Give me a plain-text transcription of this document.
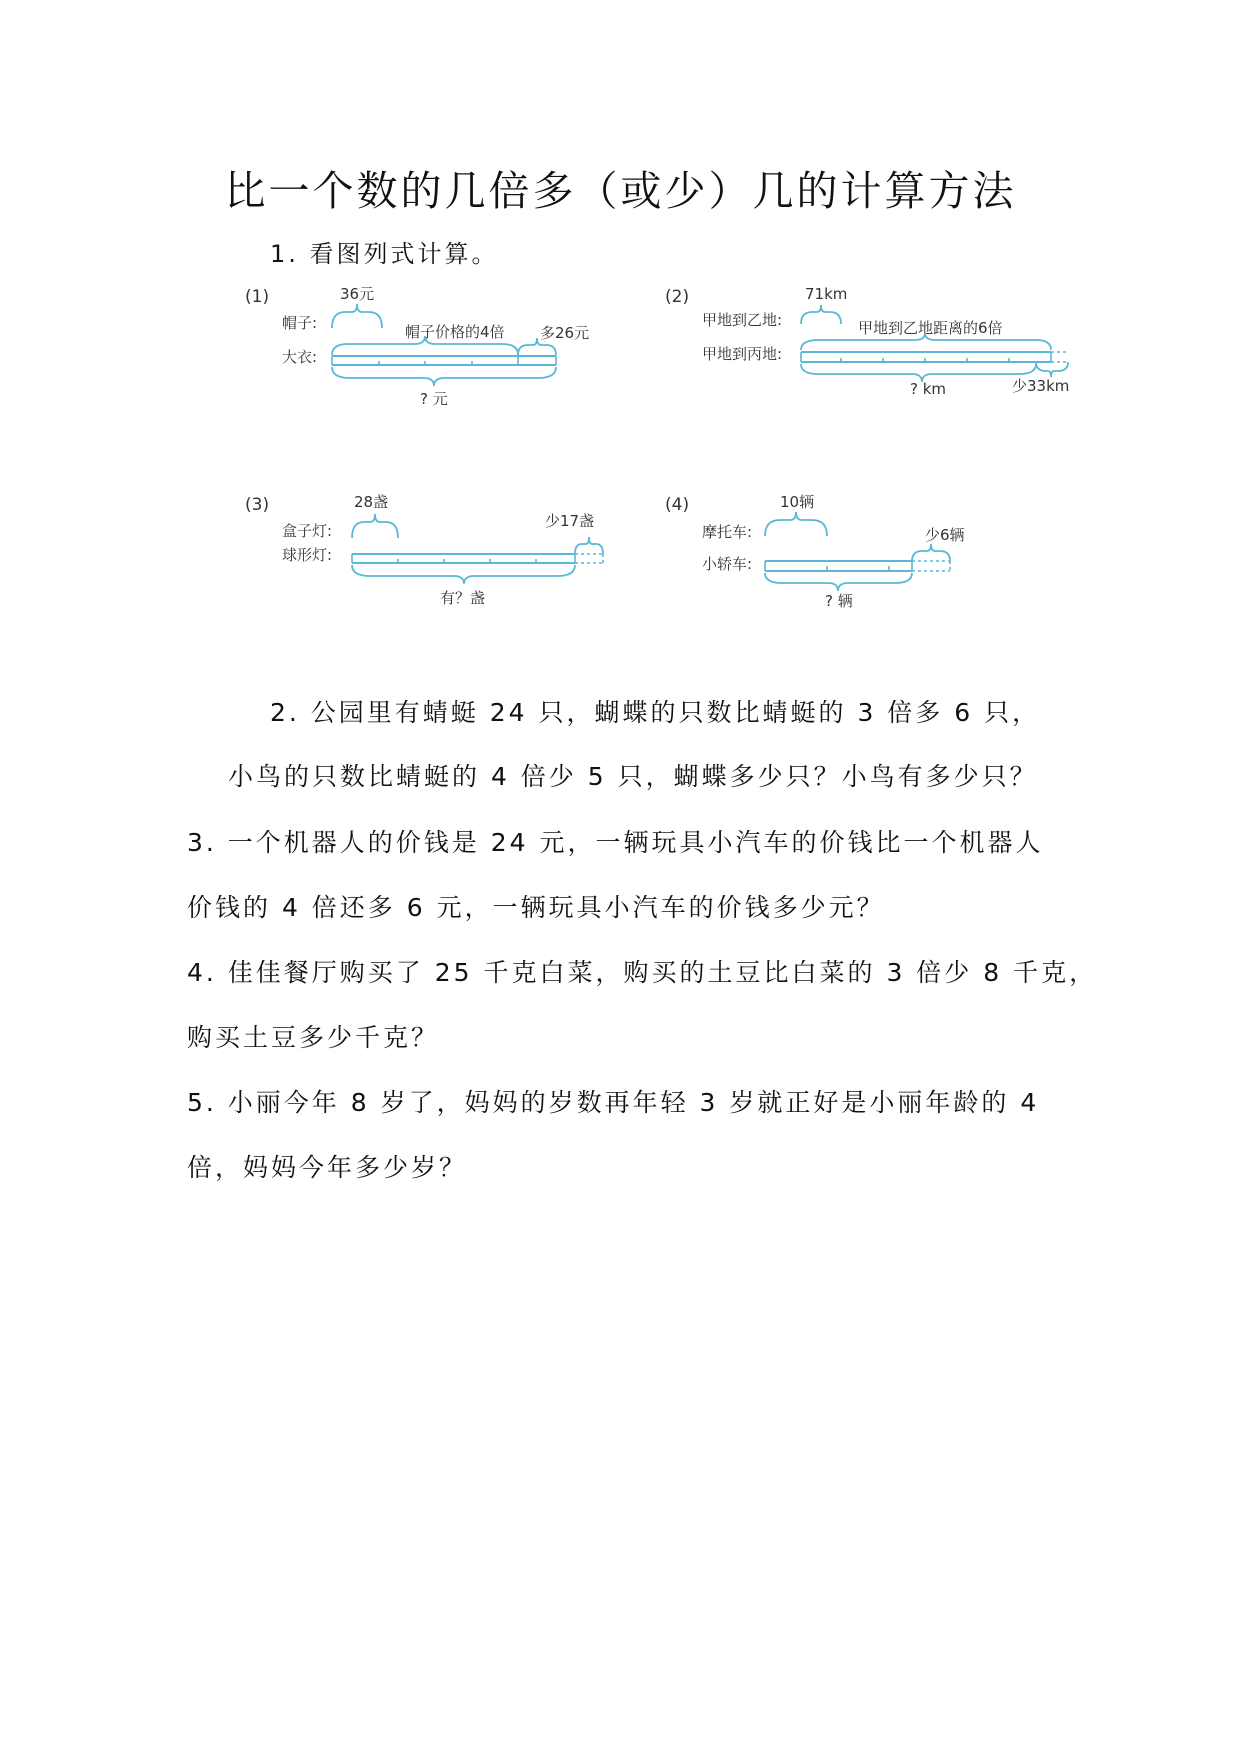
比一个数的几倍多（或少）几的计算方法
1. 看图列式计算。
(1)	36元
帽子:	帽子价格的4倍 多26元
大衣:
? 元
(2)	71km
甲地到乙地:	甲地到乙地距离的6倍
甲地到丙地:
? km	少33km
(3)	28盏
盒子灯:
少17盏
球形灯:
有？盏
(4)	10辆
摩托车:	少6辆
小轿车:
? 辆
2. 公园里有蜻蜓 24 只，蝴蝶的只数比蜻蜓的 3 倍多 6 只，
小鸟的只数比蜻蜓的 4 倍少 5 只，蝴蝶多少只？小鸟有多少只？
3. 一个机器人的价钱是 24 元，一辆玩具小汽车的价钱比一个机器人
价钱的 4 倍还多 6 元，一辆玩具小汽车的价钱多少元？
4. 佳佳餐厅购买了 25 千克白菜，购买的土豆比白菜的 3 倍少 8 千克，
购买土豆多少千克？
5. 小丽今年 8 岁了，妈妈的岁数再年轻 3 岁就正好是小丽年龄的 4
倍，妈妈今年多少岁？
